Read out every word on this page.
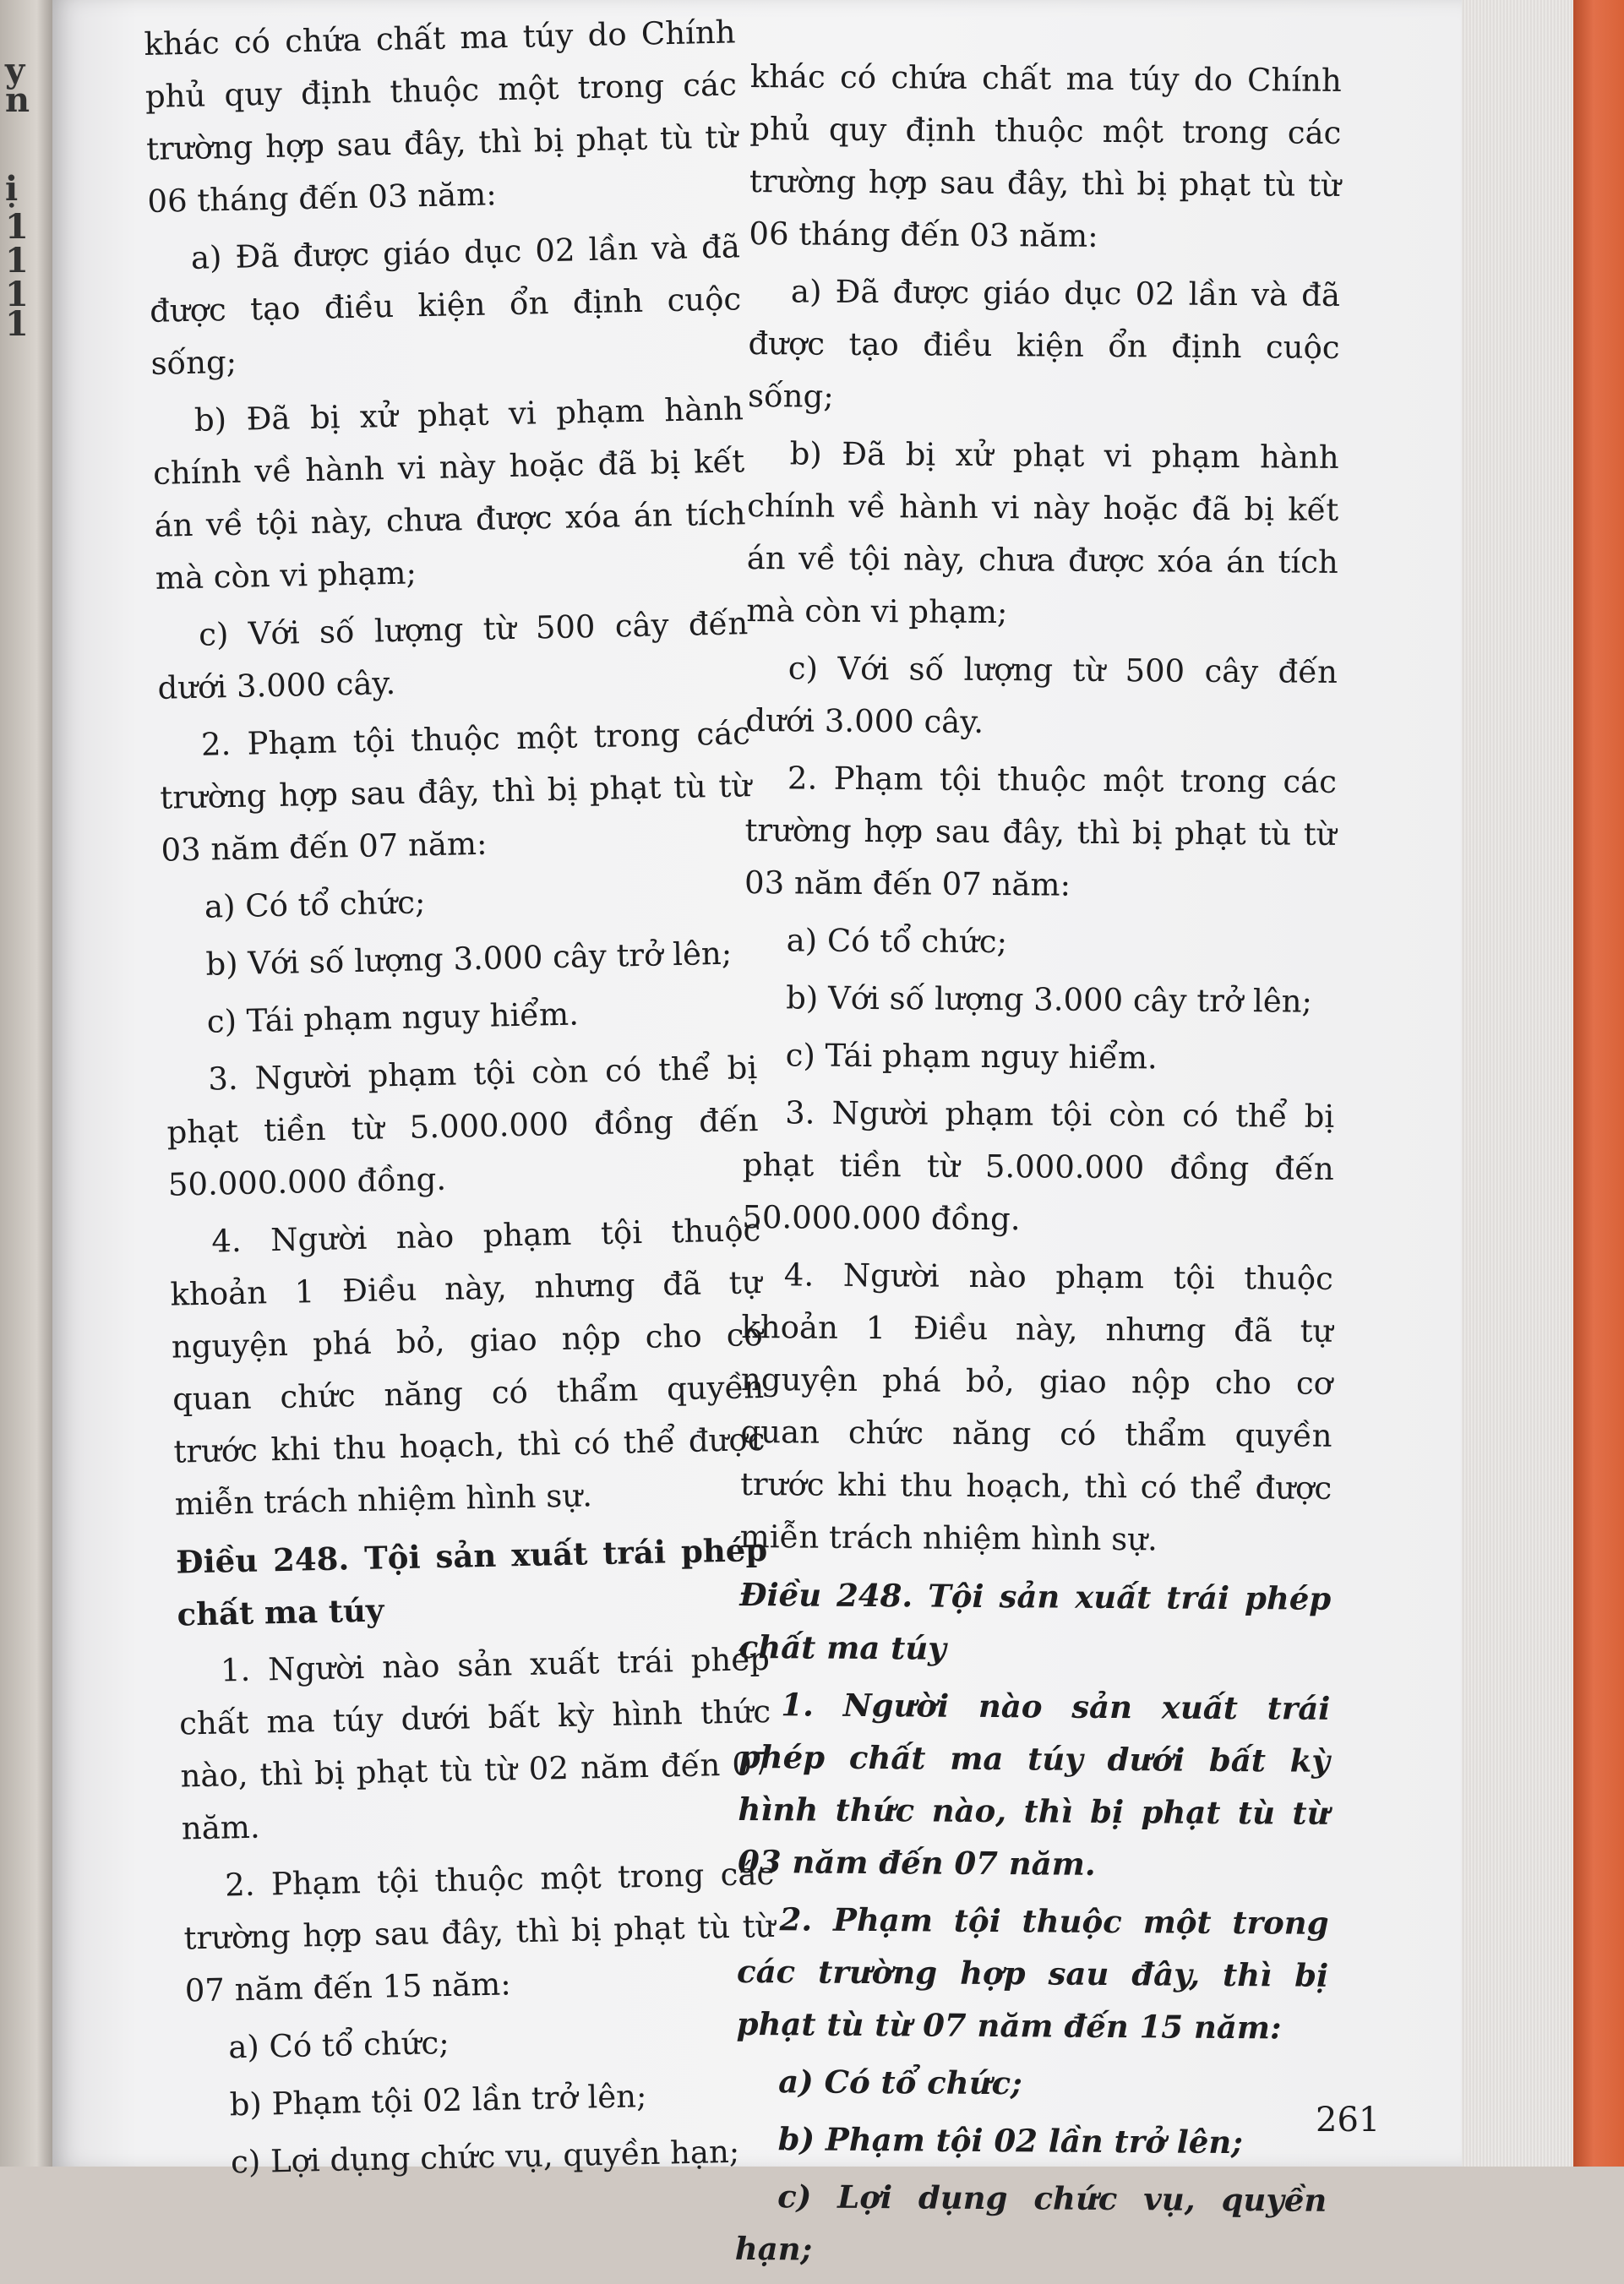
y
n
ị
1
1
1
1

khác có chứa chất ma túy do Chính phủ quy định thuộc một trong các trường hợp sau đây, thì bị phạt tù từ 06 tháng đến 03 năm:

a) Đã được giáo dục 02 lần và đã được tạo điều kiện ổn định cuộc sống;

b) Đã bị xử phạt vi phạm hành chính về hành vi này hoặc đã bị kết án về tội này, chưa được xóa án tích mà còn vi phạm;

c) Với số lượng từ 500 cây đến dưới 3.000 cây.

2. Phạm tội thuộc một trong các trường hợp sau đây, thì bị phạt tù từ 03 năm đến 07 năm:

a) Có tổ chức;

b) Với số lượng 3.000 cây trở lên;

c) Tái phạm nguy hiểm.

3. Người phạm tội còn có thể bị phạt tiền từ 5.000.000 đồng đến 50.000.000 đồng.

4. Người nào phạm tội thuộc khoản 1 Điều này, nhưng đã tự nguyện phá bỏ, giao nộp cho cơ quan chức năng có thẩm quyền trước khi thu hoạch, thì có thể được miễn trách nhiệm hình sự.

Điều 248. Tội sản xuất trái phép chất ma túy

1. Người nào sản xuất trái phép chất ma túy dưới bất kỳ hình thức nào, thì bị phạt tù từ 02 năm đến 07 năm.

2. Phạm tội thuộc một trong các trường hợp sau đây, thì bị phạt tù từ 07 năm đến 15 năm:

a) Có tổ chức;

b) Phạm tội 02 lần trở lên;

c) Lợi dụng chức vụ, quyền hạn;

khác có chứa chất ma túy do Chính phủ quy định thuộc một trong các trường hợp sau đây, thì bị phạt tù từ 06 tháng đến 03 năm:

a) Đã được giáo dục 02 lần và đã được tạo điều kiện ổn định cuộc sống;

b) Đã bị xử phạt vi phạm hành chính về hành vi này hoặc đã bị kết án về tội này, chưa được xóa án tích mà còn vi phạm;

c) Với số lượng từ 500 cây đến dưới 3.000 cây.

2. Phạm tội thuộc một trong các trường hợp sau đây, thì bị phạt tù từ 03 năm đến 07 năm:

a) Có tổ chức;

b) Với số lượng 3.000 cây trở lên;

c) Tái phạm nguy hiểm.

3. Người phạm tội còn có thể bị phạt tiền từ 5.000.000 đồng đến 50.000.000 đồng.

4. Người nào phạm tội thuộc khoản 1 Điều này, nhưng đã tự nguyện phá bỏ, giao nộp cho cơ quan chức năng có thẩm quyền trước khi thu hoạch, thì có thể được miễn trách nhiệm hình sự.

Điều 248. Tội sản xuất trái phép chất ma túy

1. Người nào sản xuất trái phép chất ma túy dưới bất kỳ hình thức nào, thì bị phạt tù từ 03 năm đến 07 năm.

2. Phạm tội thuộc một trong các trường hợp sau đây, thì bị phạt tù từ 07 năm đến 15 năm:

a) Có tổ chức;

b) Phạm tội 02 lần trở lên;

c) Lợi dụng chức vụ, quyền hạn;

261
